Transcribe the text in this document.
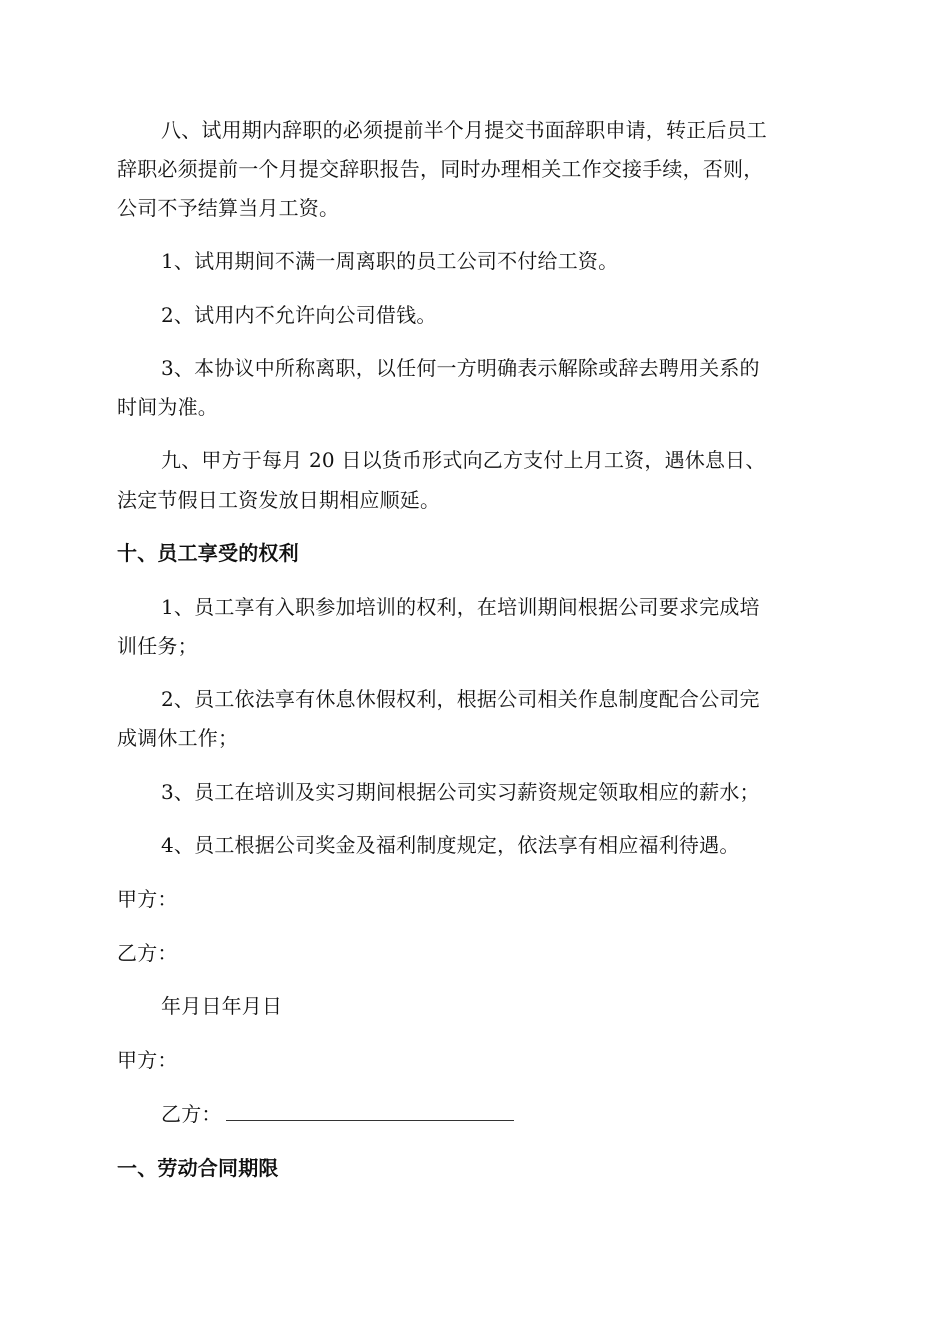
八、试用期内辞职的必须提前半个月提交书面辞职申请，转正后员工
辞职必须提前一个月提交辞职报告，同时办理相关工作交接手续，否则，
公司不予结算当月工资。
1、试用期间不满一周离职的员工公司不付给工资。
2、试用内不允许向公司借钱。
3、本协议中所称离职，以任何一方明确表示解除或辞去聘用关系的
时间为准。
九、甲方于每月 20 日以货币形式向乙方支付上月工资，遇休息日、
法定节假日工资发放日期相应顺延。
十、员工享受的权利
1、员工享有入职参加培训的权利，在培训期间根据公司要求完成培
训任务；
2、员工依法享有休息休假权利，根据公司相关作息制度配合公司完
成调休工作；
3、员工在培训及实习期间根据公司实习薪资规定领取相应的薪水；
4、员工根据公司奖金及福利制度规定，依法享有相应福利待遇。
甲方：
乙方：
年月日年月日
甲方：
乙方：
一、劳动合同期限
